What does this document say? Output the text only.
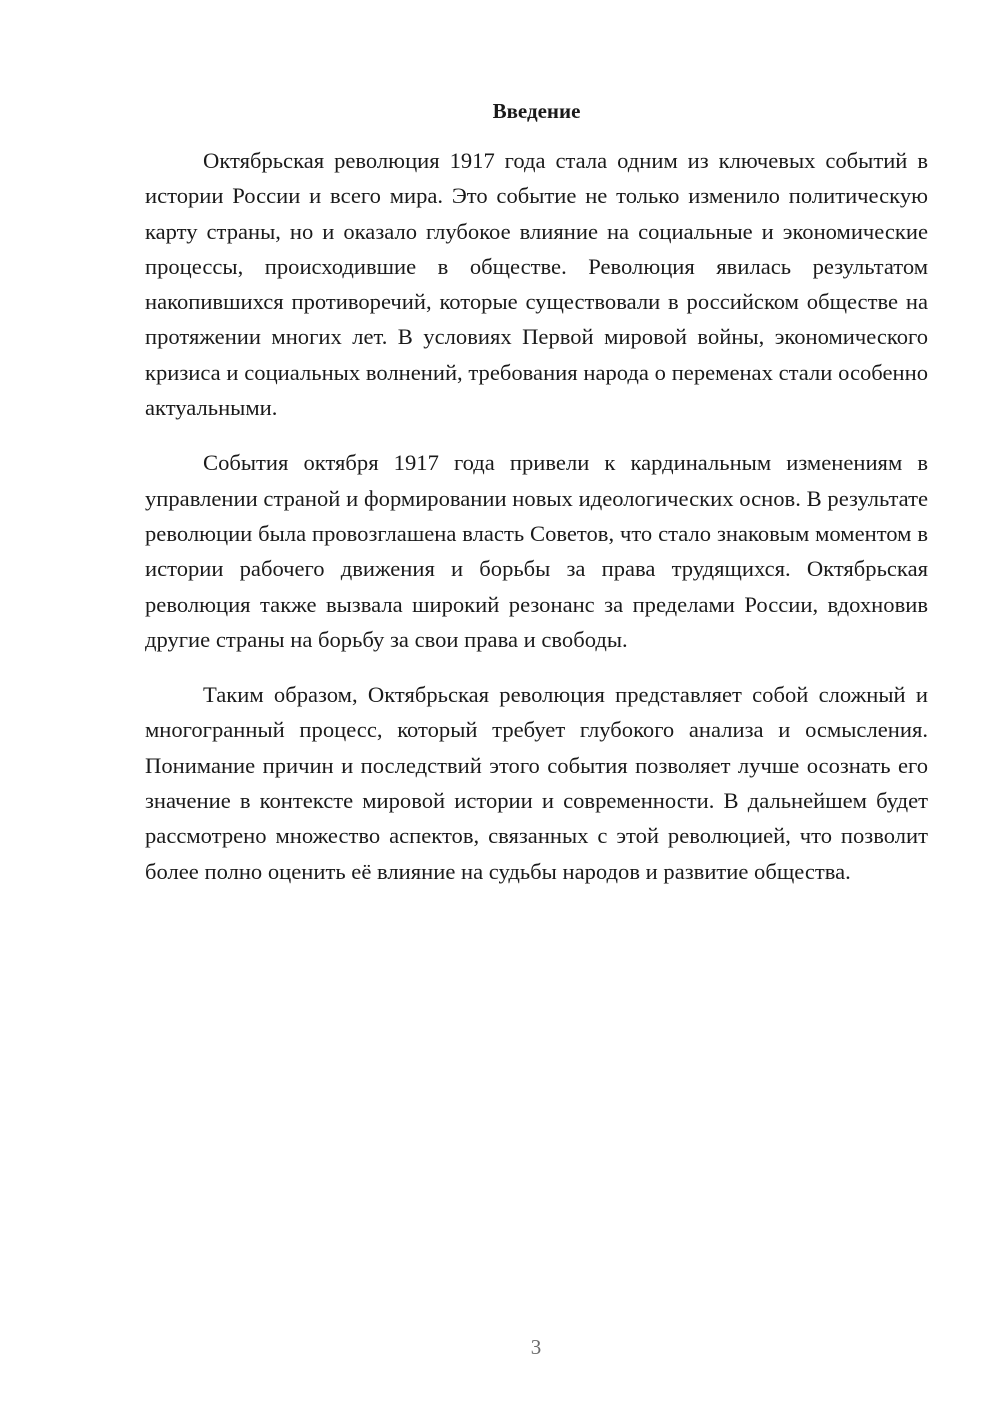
Введение

Октябрьская революция 1917 года стала одним из ключевых событий в истории России и всего мира. Это событие не только изменило политическую карту страны, но и оказало глубокое влияние на социальные и экономические процессы, происходившие в обществе. Революция явилась результатом накопившихся противоречий, которые существовали в российском обществе на протяжении многих лет. В условиях Первой мировой войны, экономического кризиса и социальных волнений, требования народа о переменах стали особенно актуальными.

События октября 1917 года привели к кардинальным изменениям в управлении страной и формировании новых идеологических основ. В результате революции была провозглашена власть Советов, что стало знаковым моментом в истории рабочего движения и борьбы за права трудящихся. Октябрьская революция также вызвала широкий резонанс за пределами России, вдохновив другие страны на борьбу за свои права и свободы.

Таким образом, Октябрьская революция представляет собой сложный и многогранный процесс, который требует глубокого анализа и осмысления. Понимание причин и последствий этого события позволяет лучше осознать его значение в контексте мировой истории и современности. В дальнейшем будет рассмотрено множество аспектов, связанных с этой революцией, что позволит более полно оценить её влияние на судьбы народов и развитие общества.

3
